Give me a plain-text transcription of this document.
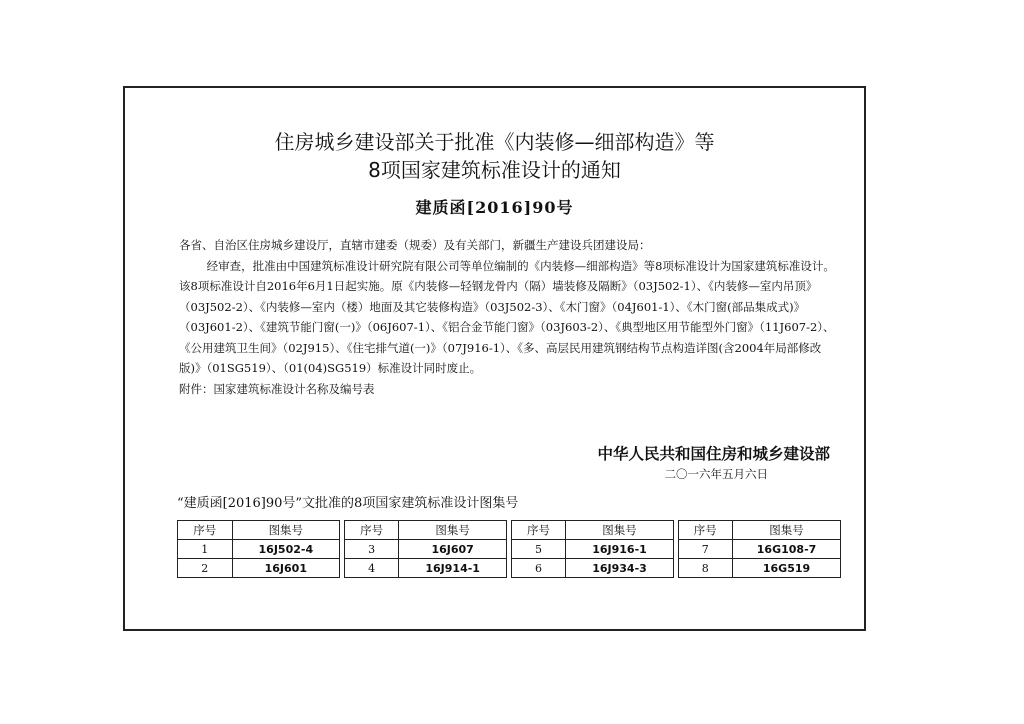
住房城乡建设部关于批准《内装修—细部构造》等
8项国家建筑标准设计的通知
建质函[2016]90号

各省、自治区住房城乡建设厅，直辖市建委（规委）及有关部门，新疆生产建设兵团建设局：

经审查，批准由中国建筑标准设计研究院有限公司等单位编制的《内装修—细部构造》等8项标准设计为国家建筑标准设计。该8项标准设计自2016年6月1日起实施。原《内装修—轻钢龙骨内（隔）墙装修及隔断》（03J502-1）、《内装修—室内吊顶》（03J502-2）、《内装修—室内（楼）地面及其它装修构造》（03J502-3）、《木门窗》（04J601-1）、《木门窗(部品集成式)》（03J601-2）、《建筑节能门窗(一)》（06J607-1）、《铝合金节能门窗》（03J603-2）、《典型地区用节能型外门窗》（11J607-2）、《公用建筑卫生间》（02J915）、《住宅排气道(一)》（07J916-1）、《多、高层民用建筑钢结构节点构造详图(含2004年局部修改版)》（01SG519）、（01(04)SG519）标准设计同时废止。

附件：国家建筑标准设计名称及编号表

中华人民共和国住房和城乡建设部
二〇一六年五月六日
“建质函[2016]90号”文批准的8项国家建筑标准设计图集号
序号	图集号		序号	图集号		序号	图集号		序号	图集号
1	16J502-4		3	16J607		5	16J916-1		7	16G108-7
2	16J601		4	16J914-1		6	16J934-3		8	16G519
